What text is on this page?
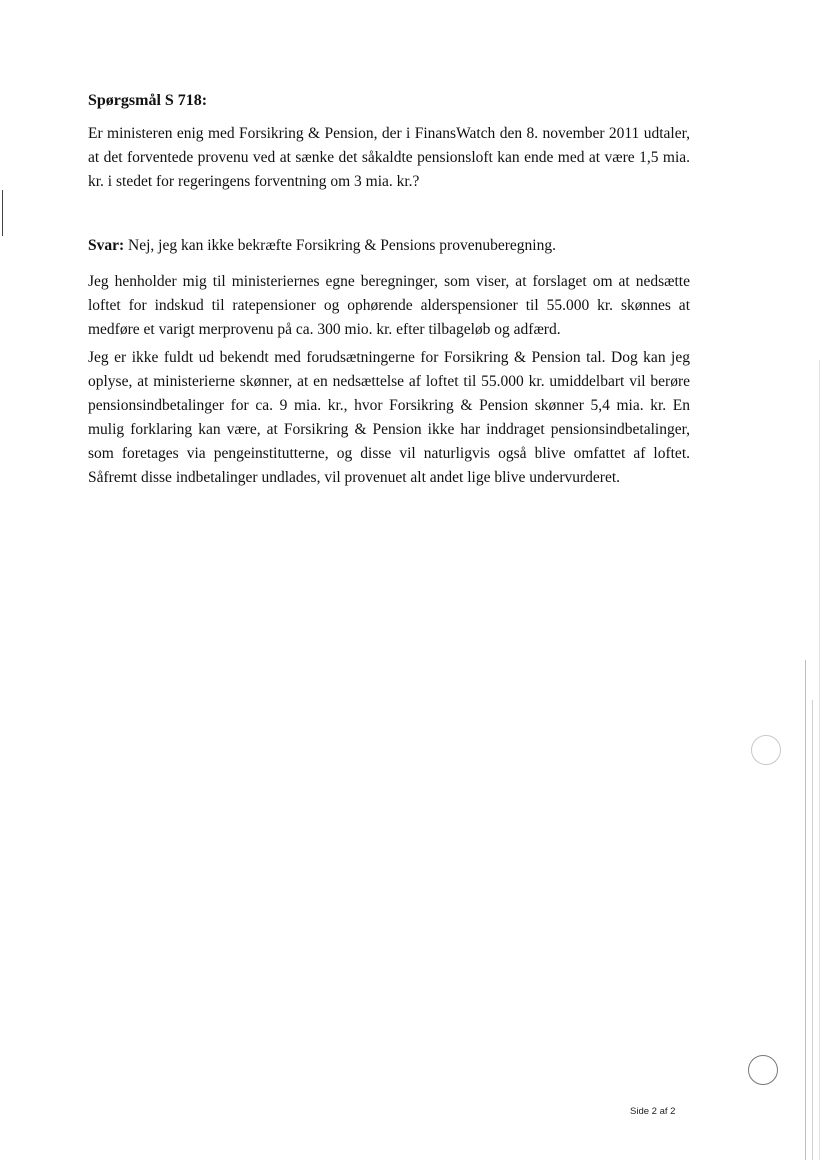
Spørgsmål S 718:

Er ministeren enig med Forsikring & Pension, der i FinansWatch den 8. november 2011 udtaler, at det forventede provenu ved at sænke det såkaldte pensionsloft kan ende med at være 1,5 mia. kr. i stedet for regeringens forventning om 3 mia. kr.?

Svar: Nej, jeg kan ikke bekræfte Forsikring & Pensions provenuberegning.

Jeg henholder mig til ministeriernes egne beregninger, som viser, at forslaget om at nedsætte loftet for indskud til ratepensioner og ophørende alderspensioner til 55.000 kr. skønnes at medføre et varigt merprovenu på ca. 300 mio. kr. efter tilbageløb og adfærd.

Jeg er ikke fuldt ud bekendt med forudsætningerne for Forsikring & Pension tal. Dog kan jeg oplyse, at ministerierne skønner, at en nedsættelse af loftet til 55.000 kr. umiddelbart vil berøre pensionsindbetalinger for ca. 9 mia. kr., hvor Forsikring & Pension skønner 5,4 mia. kr. En mulig forklaring kan være, at Forsikring & Pension ikke har inddraget pensionsindbetalinger, som foretages via pengeinstitutterne, og disse vil naturligvis også blive omfattet af loftet. Såfremt disse indbetalinger undlades, vil provenuet alt andet lige blive undervurderet.

Side 2 af 2
